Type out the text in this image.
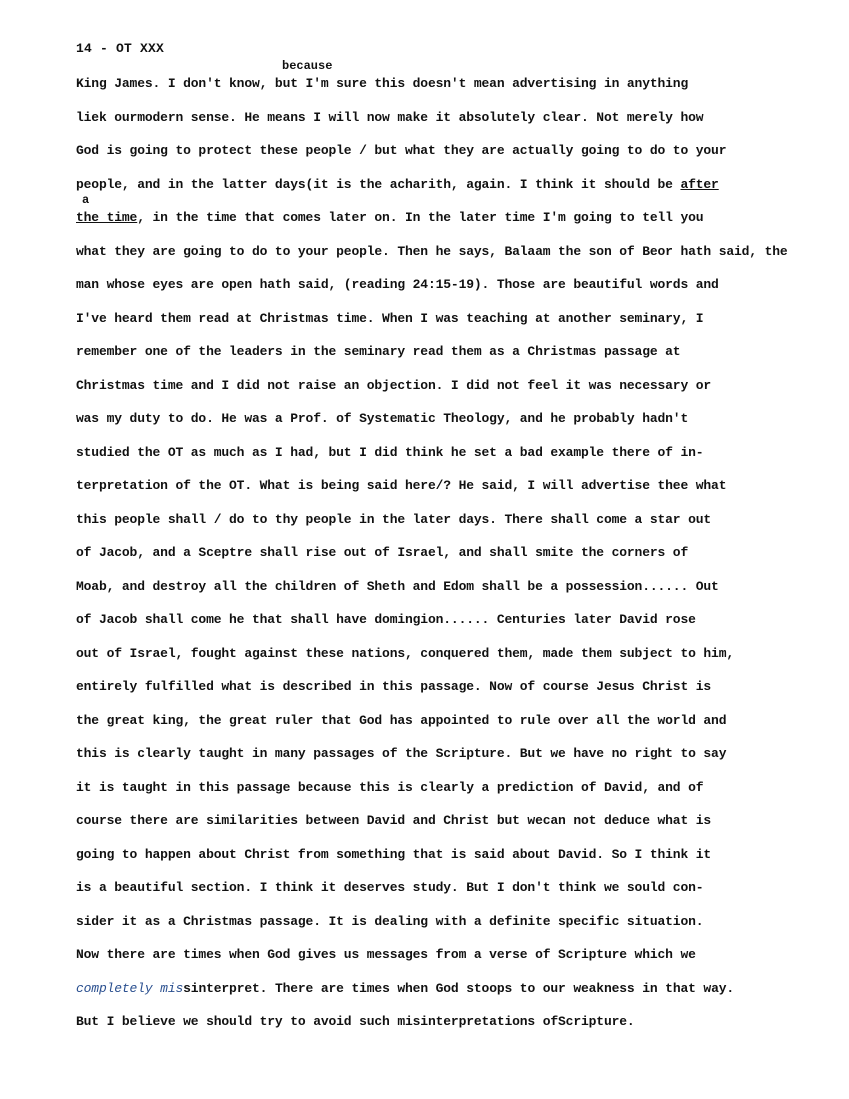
14 - OT XXX
because
a
King James. I don't know, but I'm sure this doesn't mean advertising in anything
liek ourmodern sense. He means I will now make it absolutely clear. Not merely how
God is going to protect these people / but what they are actually going to do to your
people, and in the latter days(it is the acharith, again. I think it should be after
the time, in the time that comes later on. In the later time I'm going to tell you
what they are going to do to your people. Then he says, Balaam the son of Beor hath said, the
man whose eyes are open hath said, (reading 24:15-19). Those are beautiful words and
I've heard them read at Christmas time. When I was teaching at another seminary, I
remember one of the leaders in the seminary read them as a Christmas passage at
Christmas time and I did not raise an objection. I did not feel it was necessary or
was my duty to do. He was a Prof. of Systematic Theology, and he probably hadn't
studied the OT as much as I had, but I did think he set a bad example there of in-
terpretation of the OT. What is being said here/? He said, I will advertise thee what
this people shall / do to thy people in the later days. There shall come a star out
of Jacob, and a Sceptre shall rise out of Israel, and shall smite the corners of
Moab, and destroy all the children of Sheth and Edom shall be a possession...... Out
of Jacob shall come he that shall have domingion...... Centuries later David rose
out of Israel, fought against these nations, conquered them, made them subject to him,
entirely fulfilled what is described in this passage. Now of course Jesus Christ is
the great king, the great ruler that God has appointed to rule over all the world and
this is clearly taught in many passages of the Scripture. But we have no right to say
it is taught in this passage because this is clearly a prediction of David, and of
course there are similarities between David and Christ but wecan not deduce what is
going to happen about Christ from something that is said about David. So I think it
is a beautiful section. I think it deserves study. But I don't think we sould con-
sider it as a Christmas passage. It is dealing with a definite specific situation.
Now there are times when God gives us messages from a verse of Scripture which we
completely missinterpret. There are times when God stoops to our weakness in that way.
But I believe we should try to avoid such misinterpretations ofScripture.
